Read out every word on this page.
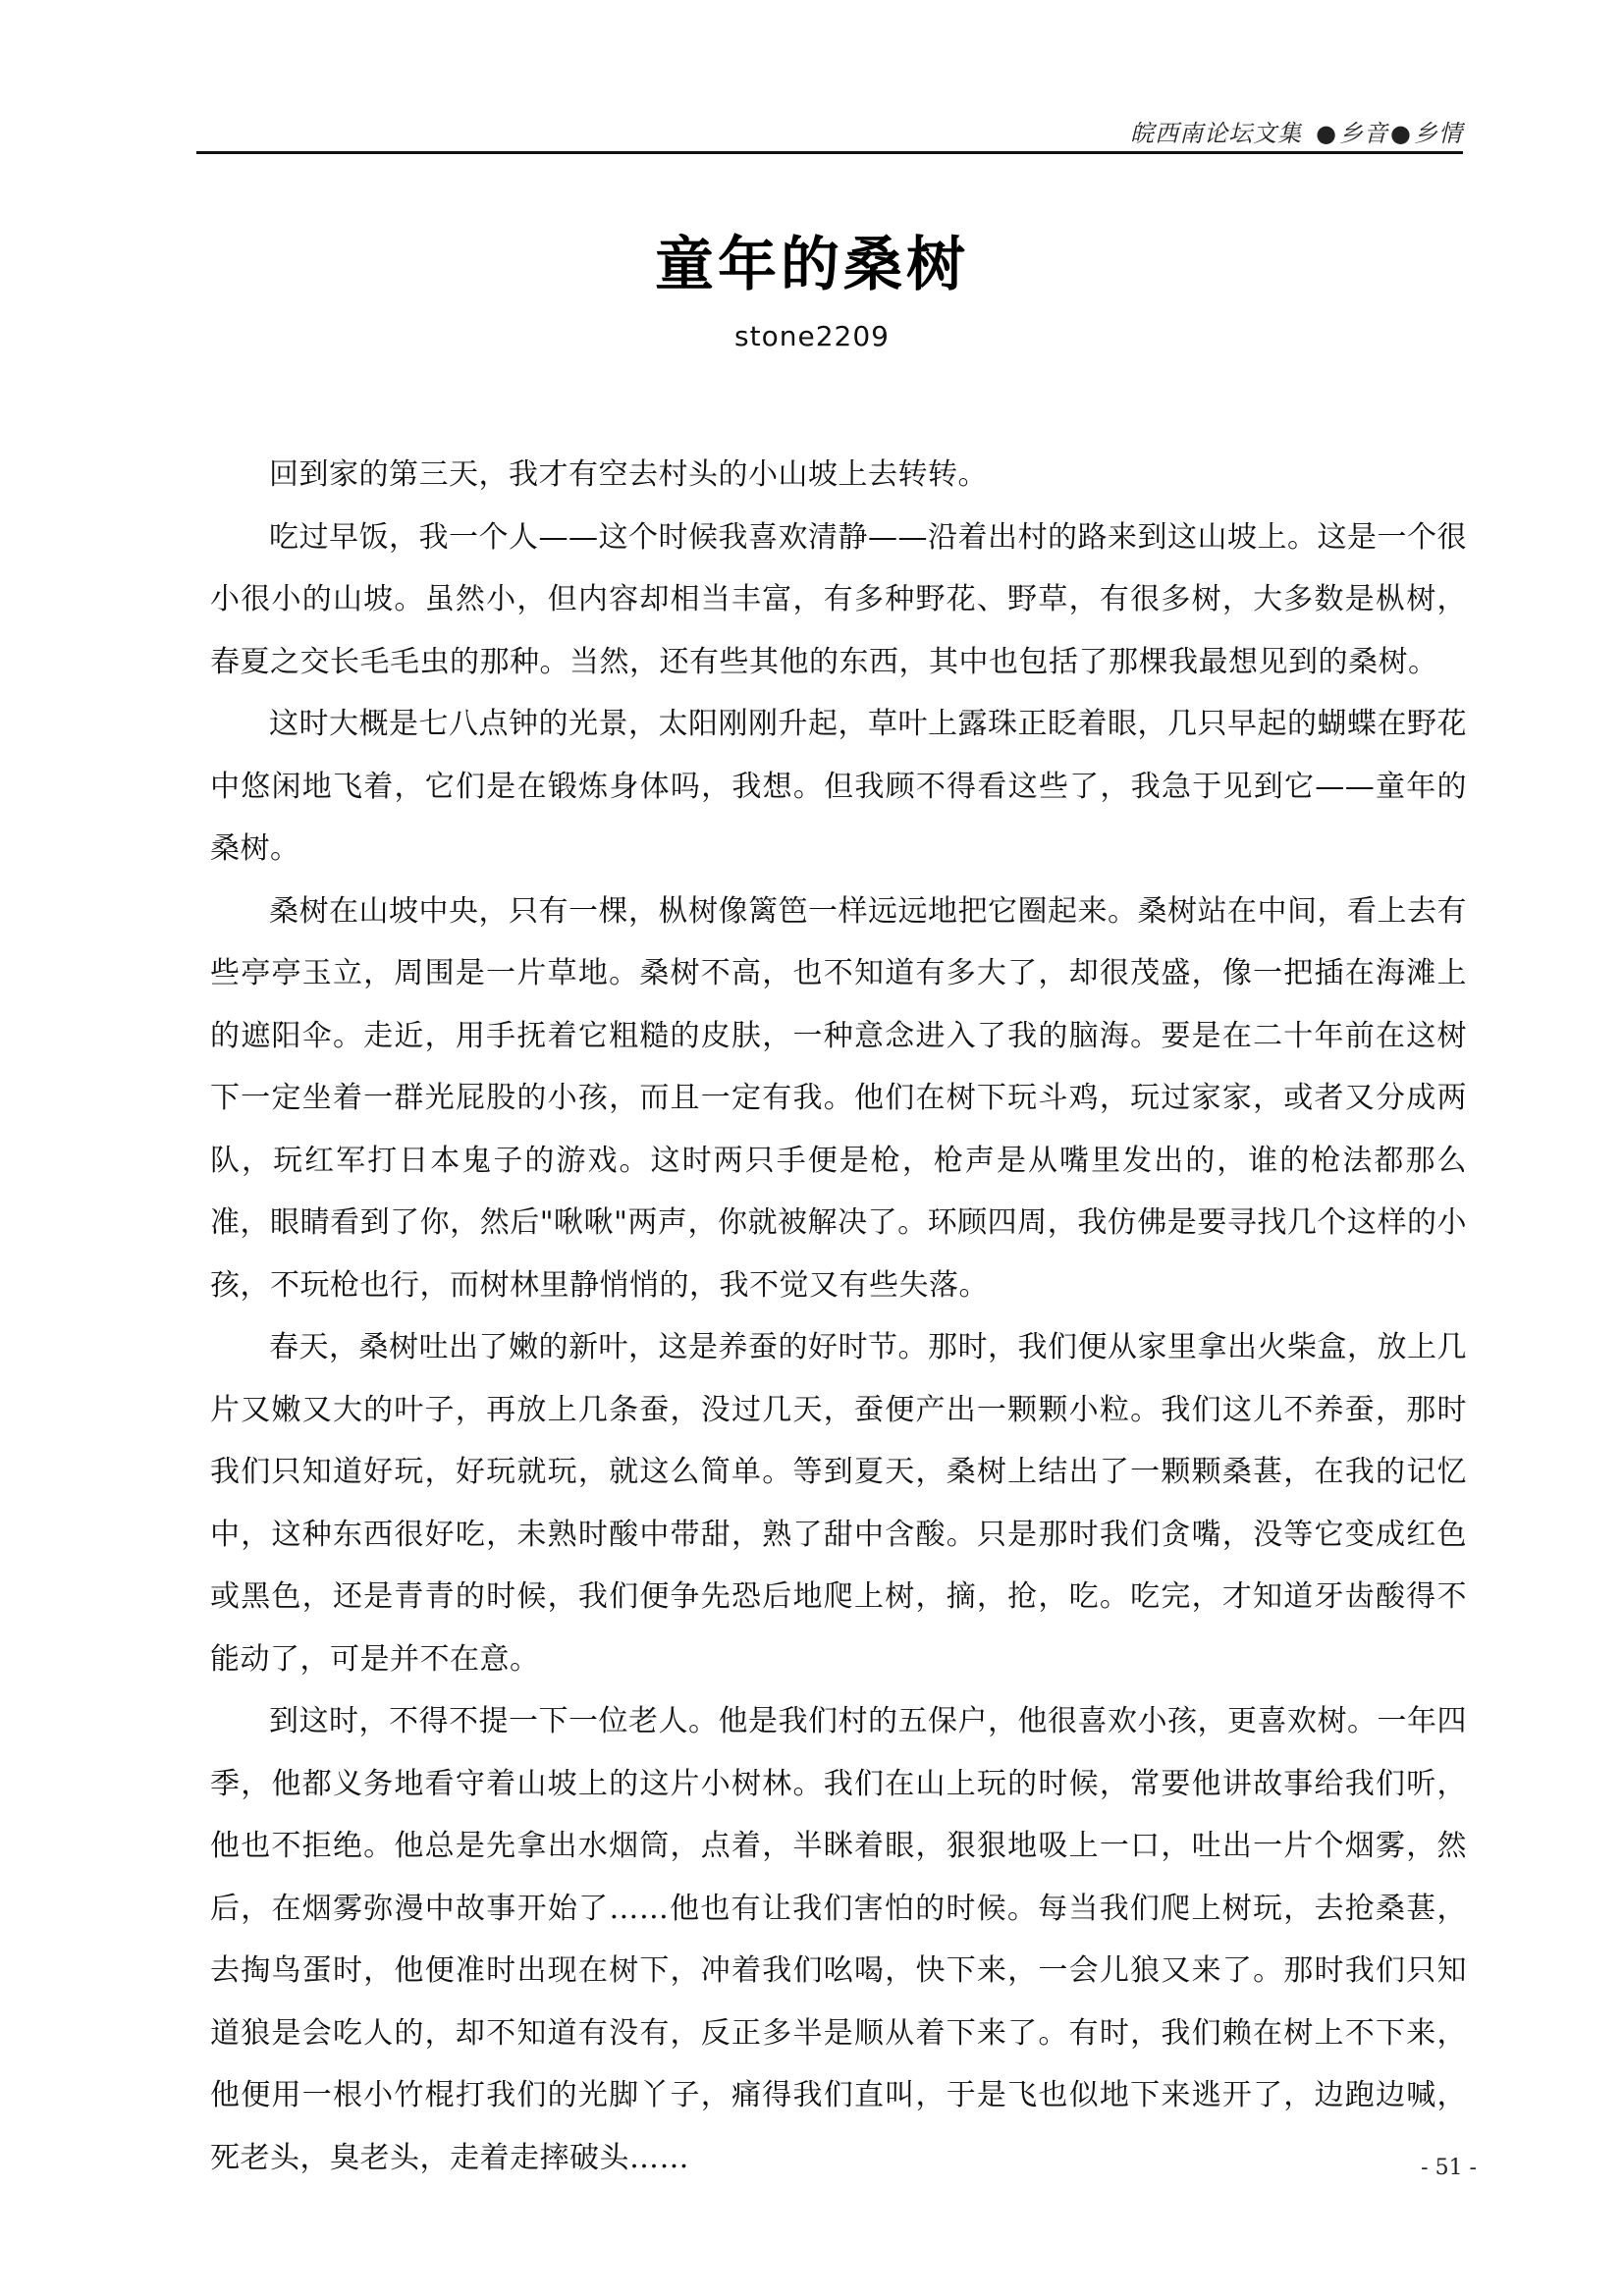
皖西南论坛文集 ●乡音●乡情
童年的桑树
stone2209

回到家的第三天，我才有空去村头的小山坡上去转转。

吃过早饭，我一个人——这个时候我喜欢清静——沿着出村的路来到这山坡上。这是一个很小很小的山坡。虽然小，但内容却相当丰富，有多种野花、野草，有很多树，大多数是枞树，春夏之交长毛毛虫的那种。当然，还有些其他的东西，其中也包括了那棵我最想见到的桑树。

这时大概是七八点钟的光景，太阳刚刚升起，草叶上露珠正眨着眼，几只早起的蝴蝶在野花中悠闲地飞着，它们是在锻炼身体吗，我想。但我顾不得看这些了，我急于见到它——童年的桑树。

桑树在山坡中央，只有一棵，枞树像篱笆一样远远地把它圈起来。桑树站在中间，看上去有些亭亭玉立，周围是一片草地。桑树不高，也不知道有多大了，却很茂盛，像一把插在海滩上的遮阳伞。走近，用手抚着它粗糙的皮肤，一种意念进入了我的脑海。要是在二十年前在这树下一定坐着一群光屁股的小孩，而且一定有我。他们在树下玩斗鸡，玩过家家，或者又分成两队，玩红军打日本鬼子的游戏。这时两只手便是枪，枪声是从嘴里发出的，谁的枪法都那么准，眼睛看到了你，然后"啾啾"两声，你就被解决了。环顾四周，我仿佛是要寻找几个这样的小孩，不玩枪也行，而树林里静悄悄的，我不觉又有些失落。

春天，桑树吐出了嫩的新叶，这是养蚕的好时节。那时，我们便从家里拿出火柴盒，放上几片又嫩又大的叶子，再放上几条蚕，没过几天，蚕便产出一颗颗小粒。我们这儿不养蚕，那时我们只知道好玩，好玩就玩，就这么简单。等到夏天，桑树上结出了一颗颗桑葚，在我的记忆中，这种东西很好吃，未熟时酸中带甜，熟了甜中含酸。只是那时我们贪嘴，没等它变成红色或黑色，还是青青的时候，我们便争先恐后地爬上树，摘，抢，吃。吃完，才知道牙齿酸得不能动了，可是并不在意。

到这时，不得不提一下一位老人。他是我们村的五保户，他很喜欢小孩，更喜欢树。一年四季，他都义务地看守着山坡上的这片小树林。我们在山上玩的时候，常要他讲故事给我们听，他也不拒绝。他总是先拿出水烟筒，点着，半眯着眼，狠狠地吸上一口，吐出一片个烟雾，然后，在烟雾弥漫中故事开始了……他也有让我们害怕的时候。每当我们爬上树玩，去抢桑葚，去掏鸟蛋时，他便准时出现在树下，冲着我们吆喝，快下来，一会儿狼又来了。那时我们只知道狼是会吃人的，却不知道有没有，反正多半是顺从着下来了。有时，我们赖在树上不下来，他便用一根小竹棍打我们的光脚丫子，痛得我们直叫，于是飞也似地下来逃开了，边跑边喊，死老头，臭老头，走着走摔破头……	- 51 -
